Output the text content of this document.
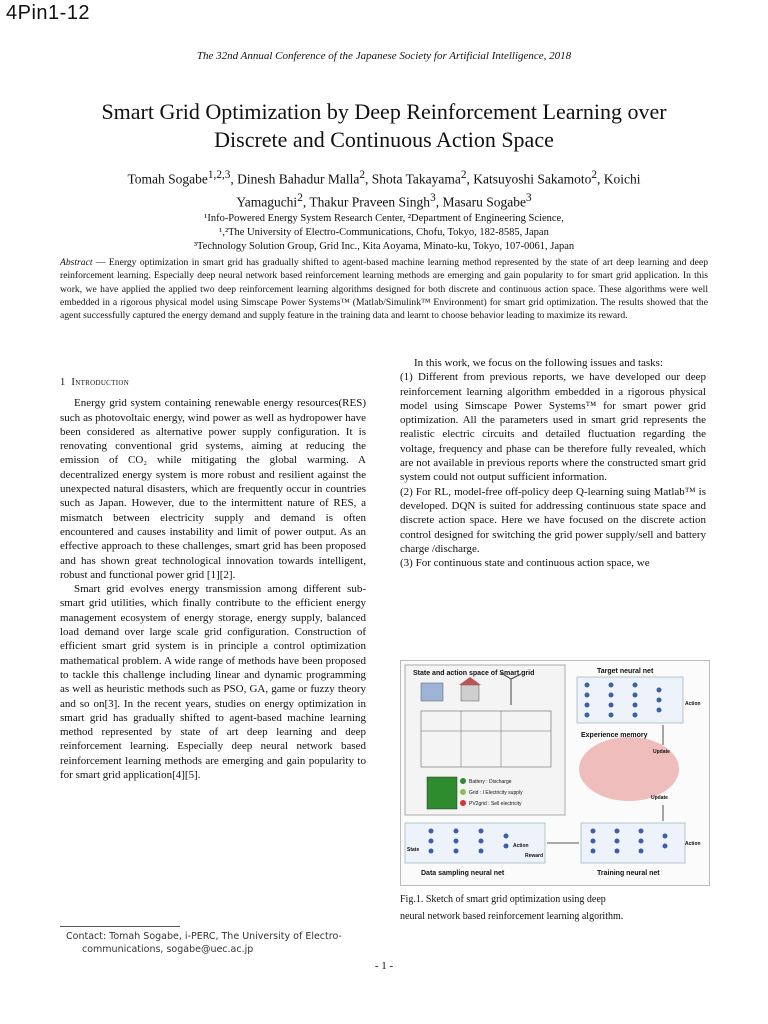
4Pin1-12
The 32nd Annual Conference of the Japanese Society for Artificial Intelligence, 2018
Smart Grid Optimization by Deep Reinforcement Learning over
Discrete and Continuous Action Space
Tomah Sogabe$^{1,2,3}$, Dinesh Bahadur Malla$^2$, Shota Takayama$^2$, Katsuyoshi Sakamoto$^2$, Koichi
Yamaguchi$^2$, Thakur Praveen Singh$^3$, Masaru Sogabe$^3$
¹Info-Powered Energy System Research Center, ²Department of Engineering Science,
¹,²The University of Electro-Communications, Chofu, Tokyo, 182-8585, Japan
³Technology Solution Group, Grid Inc., Kita Aoyama, Minato-ku, Tokyo, 107-0061, Japan
Abstract — Energy optimization in smart grid has gradually shifted to agent-based machine learning method represented by the state of art deep learning and deep reinforcement learning. Especially deep neural network based reinforcement learning methods are emerging and gain popularity to for smart grid application. In this work, we have applied the applied two deep reinforcement learning algorithms designed for both discrete and continuous action space. These algorithms were well embedded in a rigorous physical model using Simscape Power Systems™ (Matlab/Simulink™ Environment) for smart grid optimization. The results showed that the agent successfully captured the energy demand and supply feature in the training data and learnt to choose behavior leading to maximize its reward.
1 Introduction

Energy grid system containing renewable energy resources(RES) such as photovoltaic energy, wind power as well as hydropower have been considered as alternative power supply configuration. It is renovating conventional grid systems, aiming at reducing the emission of CO₂ while mitigating the global warming. A decentralized energy system is more robust and resilient against the unexpected natural disasters, which are frequently occur in countries such as Japan. However, due to the intermittent nature of RES, a mismatch between electricity supply and demand is often encountered and causes instability and limit of power output. As an effective approach to these challenges, smart grid has been proposed and has shown great technological innovation towards intelligent, robust and functional power grid [1][2].

Smart grid evolves energy transmission among different sub-smart grid utilities, which finally contribute to the efficient energy management ecosystem of energy storage, energy supply, balanced load demand over large scale grid configuration. Construction of efficient smart grid system is in principle a control optimization mathematical problem. A wide range of methods have been proposed to tackle this challenge including linear and dynamic programming as well as heuristic methods such as PSO, GA, game or fuzzy theory and so on[3]. In the recent years, studies on energy optimization in smart grid has gradually shifted to agent-based machine learning method represented by state of art deep learning and deep reinforcement learning. Especially deep neural network based reinforcement learning methods are emerging and gain popularity to for smart grid application[4][5].

In this work, we focus on the following issues and tasks:

(1) Different from previous reports, we have developed our deep reinforcement learning algorithm embedded in a rigorous physical model using Simscape Power Systems™ for smart power grid optimization. All the parameters used in smart grid represents the realistic electric circuits and detailed fluctuation regarding the voltage, frequency and phase can be therefore fully revealed, which are not available in previous reports where the constructed smart grid system could not output sufficient information.

(2) For RL, model-free off-policy deep Q-learning suing Matlab™ is developed. DQN is suited for addressing continuous state space and discrete action space. Here we have focused on the discrete action control designed for switching the grid power supply/sell and battery charge /discharge.

(3) For continuous state and continuous action space, we

State and action space of Smart grid
Battery : Discharge
Grid : I Electricity supply
PV2grid : Sell electricity
Target neural net
Action
Experience memory
Update
Update
State
Action
Reward
Data sampling neural net
Action
Training neural net
Fig.1. Sketch of smart grid optimization using deep
neural network based reinforcement learning algorithm.
Contact: Tomah Sogabe, i-PERC, The University of Electro-
communications, sogabe@uec.ac.jp
- 1 -
